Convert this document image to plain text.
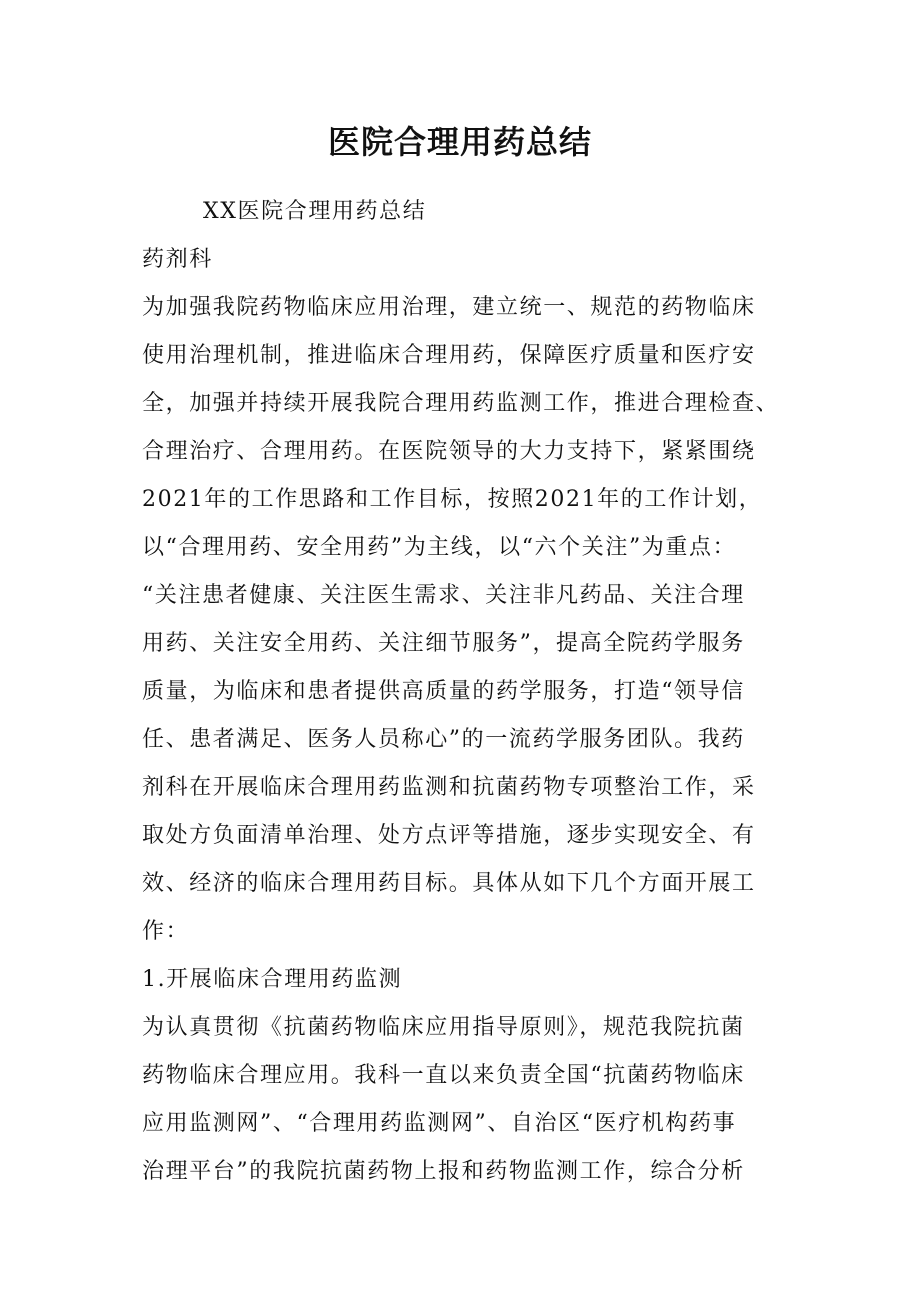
医院合理用药总结
XX医院合理用药总结
药剂科
为加强我院药物临床应用治理，建立统一、规范的药物临床
使用治理机制，推进临床合理用药，保障医疗质量和医疗安
全，加强并持续开展我院合理用药监测工作，推进合理检查、
合理治疗、合理用药。在医院领导的大力支持下，紧紧围绕
2021年的工作思路和工作目标，按照2021年的工作计划，
以“合理用药、安全用药”为主线，以“六个关注”为重点：
“关注患者健康、关注医生需求、关注非凡药品、关注合理
用药、关注安全用药、关注细节服务”，提高全院药学服务
质量，为临床和患者提供高质量的药学服务，打造“领导信
任、患者满足、医务人员称心”的一流药学服务团队。我药
剂科在开展临床合理用药监测和抗菌药物专项整治工作，采
取处方负面清单治理、处方点评等措施，逐步实现安全、有
效、经济的临床合理用药目标。具体从如下几个方面开展工
作：
1.开展临床合理用药监测
为认真贯彻《抗菌药物临床应用指导原则》，规范我院抗菌
药物临床合理应用。我科一直以来负责全国“抗菌药物临床
应用监测网”、“合理用药监测网”、自治区“医疗机构药事
治理平台”的我院抗菌药物上报和药物监测工作，综合分析
